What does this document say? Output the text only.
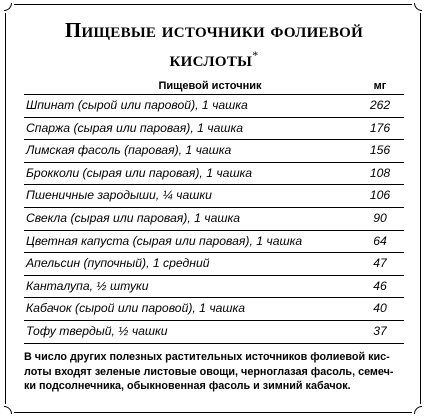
Пищевые источники фолиевой
кислоты*
Пищевой источник	мг
Шпинат (сырой или паровой), 1 чашка	262
Спаржа (сырая или паровая), 1 чашка	176
Лимская фасоль (паровая), 1 чашка	156
Брокколи (сырая или паровая), 1 чашка	108
Пшеничные зародыши, ¼ чашки	106
Свекла (сырая или паровая), 1 чашка	90
Цветная капуста (сырая или паровая), 1 чашка	64
Апельсин (пупочный), 1 средний	47
Канталупа, ½ штуки	46
Кабачок (сырой или паровой), 1 чашка	40
Тофу твердый, ½ чашки	37
В число других полезных растительных источников фолиевой кис-
лоты входят зеленые листовые овощи, черноглазая фасоль, семеч-
ки подсолнечника, обыкновенная фасоль и зимний кабачок.
